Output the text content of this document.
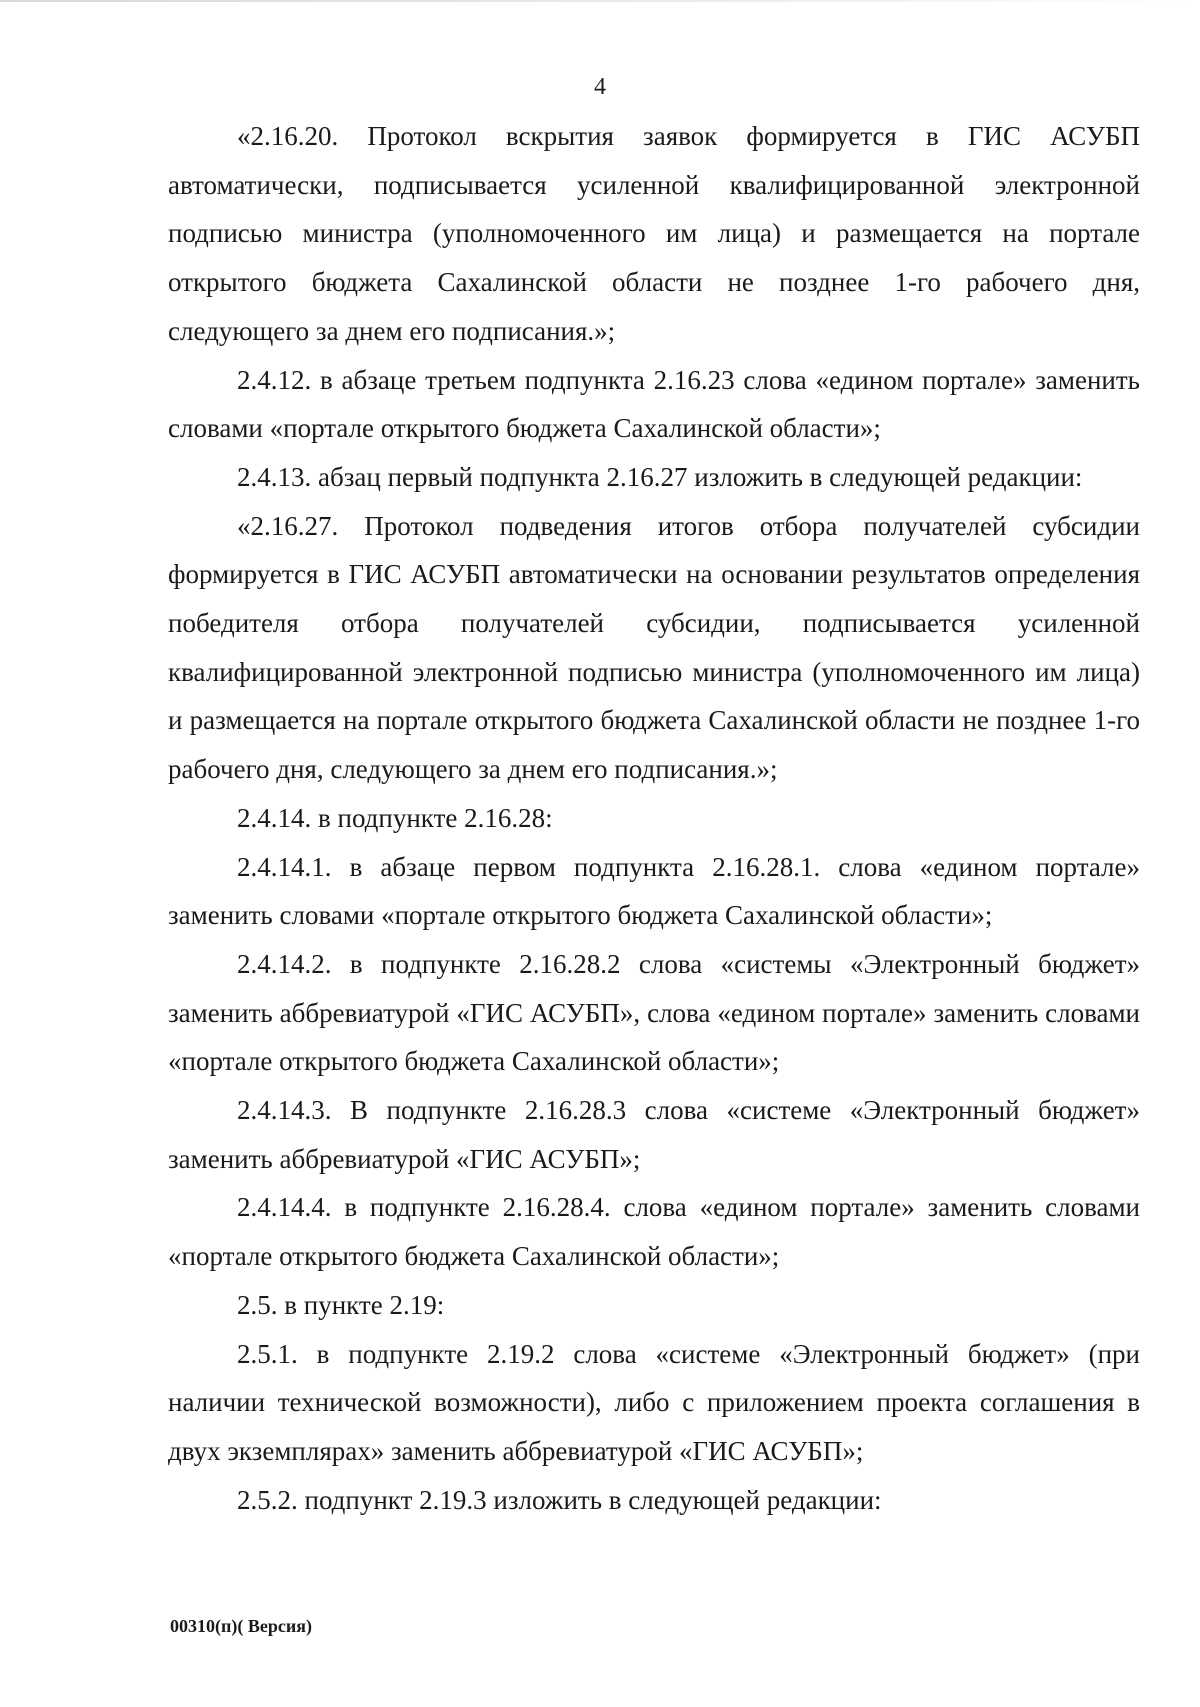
4

«2.16.20. Протокол вскрытия заявок формируется в ГИС АСУБП автоматически, подписывается усиленной квалифицированной электронной подписью министра (уполномоченного им лица) и размещается на портале открытого бюджета Сахалинской области не позднее 1-го рабочего дня, следующего за днем его подписания.»;

2.4.12. в абзаце третьем подпункта 2.16.23 слова «едином портале» заменить словами «портале открытого бюджета Сахалинской области»;

2.4.13. абзац первый подпункта 2.16.27 изложить в следующей редакции:

«2.16.27. Протокол подведения итогов отбора получателей субсидии формируется в ГИС АСУБП автоматически на основании результатов определения победителя отбора получателей субсидии, подписывается усиленной квалифицированной электронной подписью министра (уполномоченного им лица) и размещается на портале открытого бюджета Сахалинской области не позднее 1-го рабочего дня, следующего за днем его подписания.»;

2.4.14. в подпункте 2.16.28:

2.4.14.1. в абзаце первом подпункта 2.16.28.1. слова «едином портале» заменить словами «портале открытого бюджета Сахалинской области»;

2.4.14.2. в подпункте 2.16.28.2 слова «системы «Электронный бюджет» заменить аббревиатурой «ГИС АСУБП», слова «едином портале» заменить словами «портале открытого бюджета Сахалинской области»;

2.4.14.3. В подпункте 2.16.28.3 слова «системе «Электронный бюджет» заменить аббревиатурой «ГИС АСУБП»;

2.4.14.4. в подпункте 2.16.28.4. слова «едином портале» заменить словами «портале открытого бюджета Сахалинской области»;

2.5. в пункте 2.19:

2.5.1. в подпункте 2.19.2 слова «системе «Электронный бюджет» (при наличии технической возможности), либо с приложением проекта соглашения в двух экземплярах» заменить аббревиатурой «ГИС АСУБП»;

2.5.2. подпункт 2.19.3 изложить в следующей редакции:

00310(п)( Версия)
